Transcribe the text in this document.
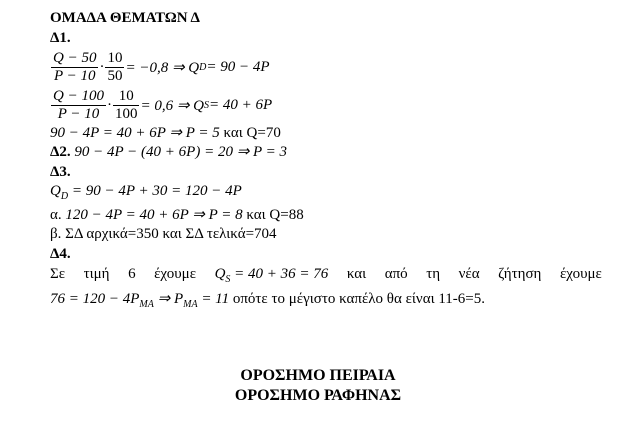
ΟΜΑΔΑ ΘΕΜΑΤΩΝ Δ
Δ1.
$\frac{Q - 50}{P - 10} \cdot \frac{10}{50} = -0,8$ ⇒ Q D = 90 − 4P
$\frac{Q - 100}{P - 10} \cdot \frac{10}{100} = 0,6$ ⇒ Q S = 40 + 6P
90 − 4P = 40 + 6P ⇒ P = 5 και Q=70
Δ2. 90 − 4P − (40 + 6P) = 20 ⇒ P = 3
Δ3.
$Q_D = 90 - 4P + 30 = 120 - 4P$
α. 120 − 4P = 40 + 6P ⇒ P = 8 και Q=88
β. ΣΔ αρχικά=350 και ΣΔ τελικά=704
Δ4.
Σε τιμή 6 έχουμε $Q_S = 40 + 36 = 76$ και από τη νέα ζήτηση έχουμε
$76 = 120 - 4P_{MA}$ ⇒ $P_{MA} = 11$ οπότε το μέγιστο καπέλο θα είναι 11-6=5.
ΟΡΟΣΗΜΟ ΠΕΙΡΑΙΑ
ΟΡΟΣΗΜΟ ΡΑΦΗΝΑΣ
